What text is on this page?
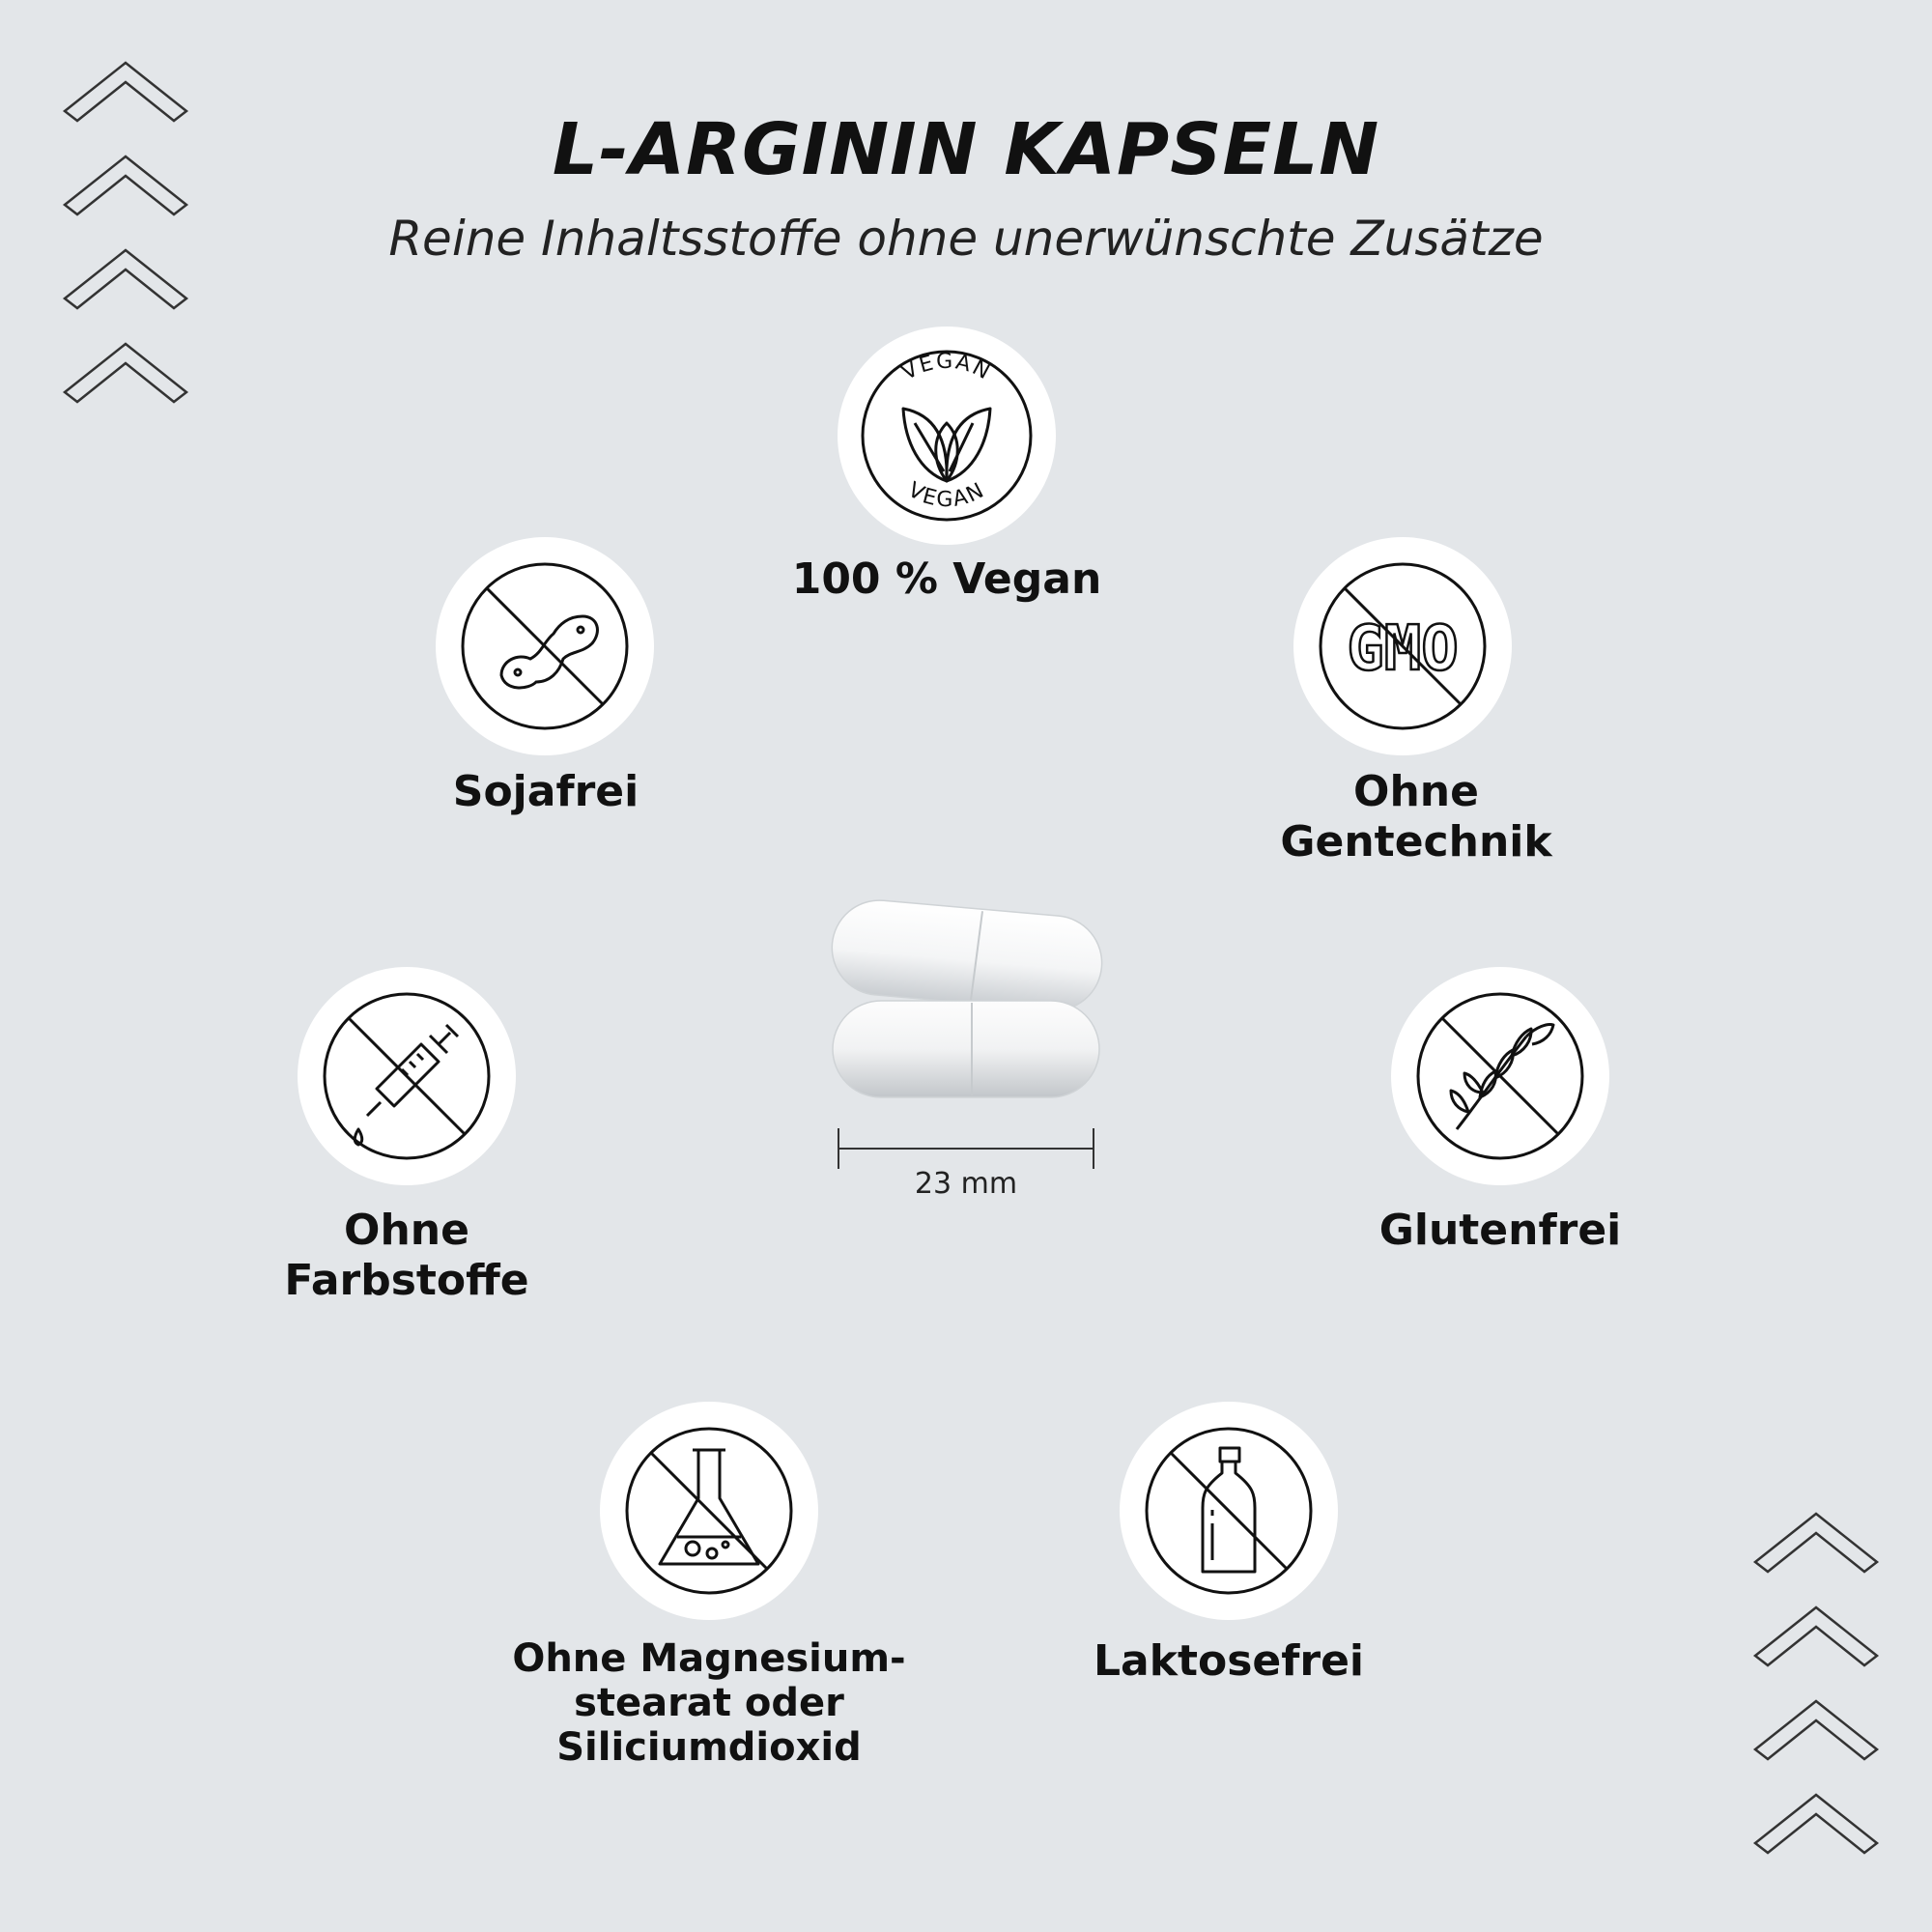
L-ARGININ KAPSELN
Reine Inhaltsstoffe ohne unerwünschte Zusätze
VEGAN
VEGAN
100 % Vegan
Sojafrei
GMO
Ohne
Gentechnik
Ohne
Farbstoffe
Glutenfrei
Ohne Magnesium-
stearat oder
Siliciumdioxid
Laktosefrei
23 mm
